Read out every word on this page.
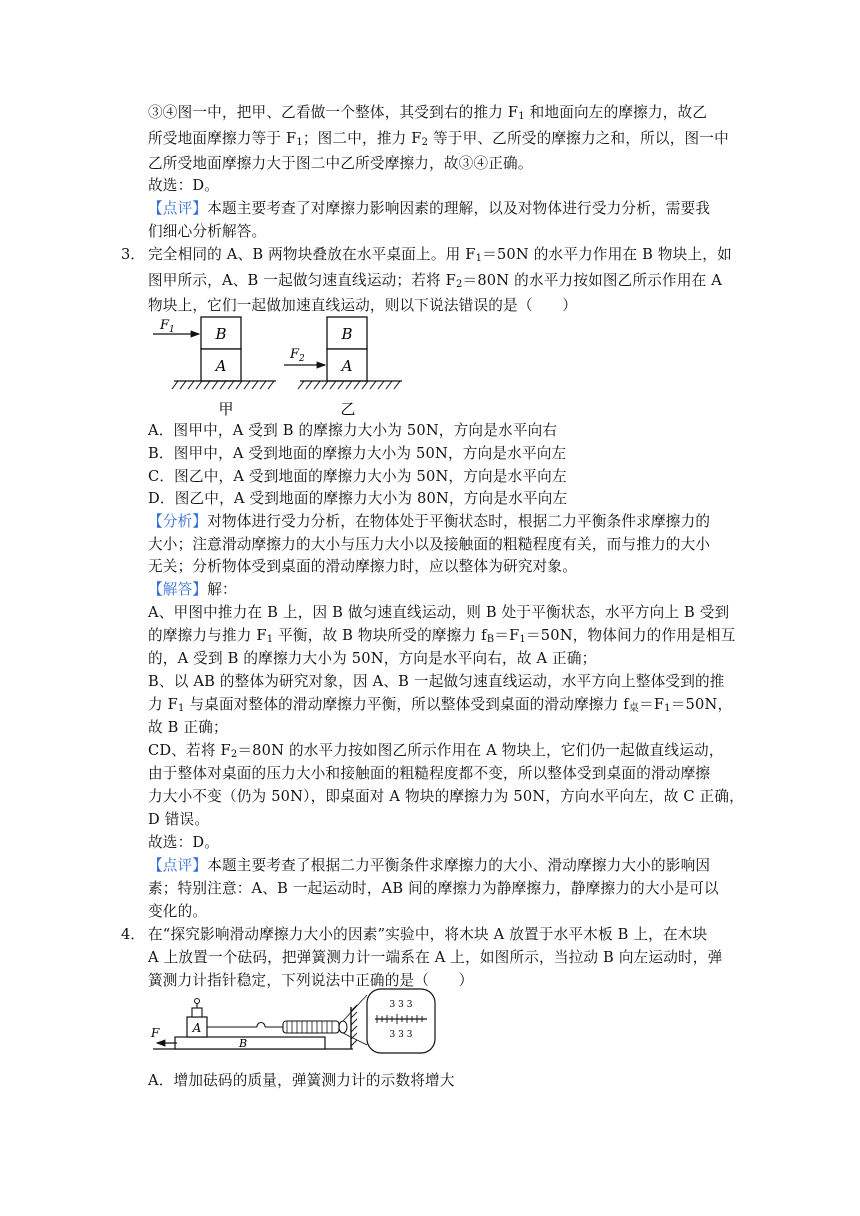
③④图一中，把甲、乙看做一个整体，其受到右的推力 $F_1$ 和地面向左的摩擦力，故乙
所受地面摩擦力等于 $F_1$；图二中，推力 $F_2$ 等于甲、乙所受的摩擦力之和，所以，图一中
乙所受地面摩擦力大于图二中乙所受摩擦力，故③④正确。
故选：D。
【点评】本题主要考查了对摩擦力影响因素的理解，以及对物体进行受力分析，需要我
们细心分析解答。
3． 完全相同的 A、B 两物块叠放在水平桌面上。用 $F_1=50N$ 的水平力作用在 B 物块上，如
图甲所示，A、B 一起做匀速直线运动；若将 $F_2=80N$ 的水平力按如图乙所示作用在 A
物块上，它们一起做加速直线运动，则以下说法错误的是（　　）
B
A
$F_1$
甲
B
A
$F_2$
乙
A．图甲中，A 受到 B 的摩擦力大小为 50N，方向是水平向右
B．图甲中，A 受到地面的摩擦力大小为 50N，方向是水平向左
C．图乙中，A 受到地面的摩擦力大小为 50N，方向是水平向左
D．图乙中，A 受到地面的摩擦力大小为 80N，方向是水平向左
【分析】对物体进行受力分析，在物体处于平衡状态时，根据二力平衡条件求摩擦力的
大小；注意滑动摩擦力的大小与压力大小以及接触面的粗糙程度有关，而与推力的大小
无关；分析物体受到桌面的滑动摩擦力时，应以整体为研究对象。
【解答】解：
A、甲图中推力在 B 上，因 B 做匀速直线运动，则 B 处于平衡状态，水平方向上 B 受到
的摩擦力与推力 $F_1$ 平衡，故 B 物块所受的摩擦力 $f_B=F_1=50N$，物体间力的作用是相互
的，A 受到 B 的摩擦力大小为 50N，方向是水平向右，故 A 正确；
B、以 AB 的整体为研究对象，因 A、B 一起做匀速直线运动，水平方向上整体受到的推
力 $F_1$ 与桌面对整体的滑动摩擦力平衡，所以整体受到桌面的滑动摩擦力 $f_桌=F_1=50N$，
故 B 正确；
CD、若将 $F_2=80N$ 的水平力按如图乙所示作用在 A 物块上，它们仍一起做直线运动，
由于整体对桌面的压力大小和接触面的粗糙程度都不变，所以整体受到桌面的滑动摩擦
力大小不变（仍为 50N），即桌面对 A 物块的摩擦力为 50N，方向水平向左，故 C 正确，
D 错误。
故选：D。
【点评】本题主要考查了根据二力平衡条件求摩擦力的大小、滑动摩擦力大小的影响因
素；特别注意：A、B 一起运动时，AB 间的摩擦力为静摩擦力，静摩擦力的大小是可以
变化的。
4． 在“探究影响滑动摩擦力大小的因素”实验中，将木块 A 放置于水平木板 B 上，在木块
A 上放置一个砝码，把弹簧测力计一端系在 A 上，如图所示，当拉动 B 向左运动时，弹
簧测力计指针稳定，下列说法中正确的是（　　）
B
A
F
3 3 3
3 3 3
A．增加砝码的质量，弹簧测力计的示数将增大
